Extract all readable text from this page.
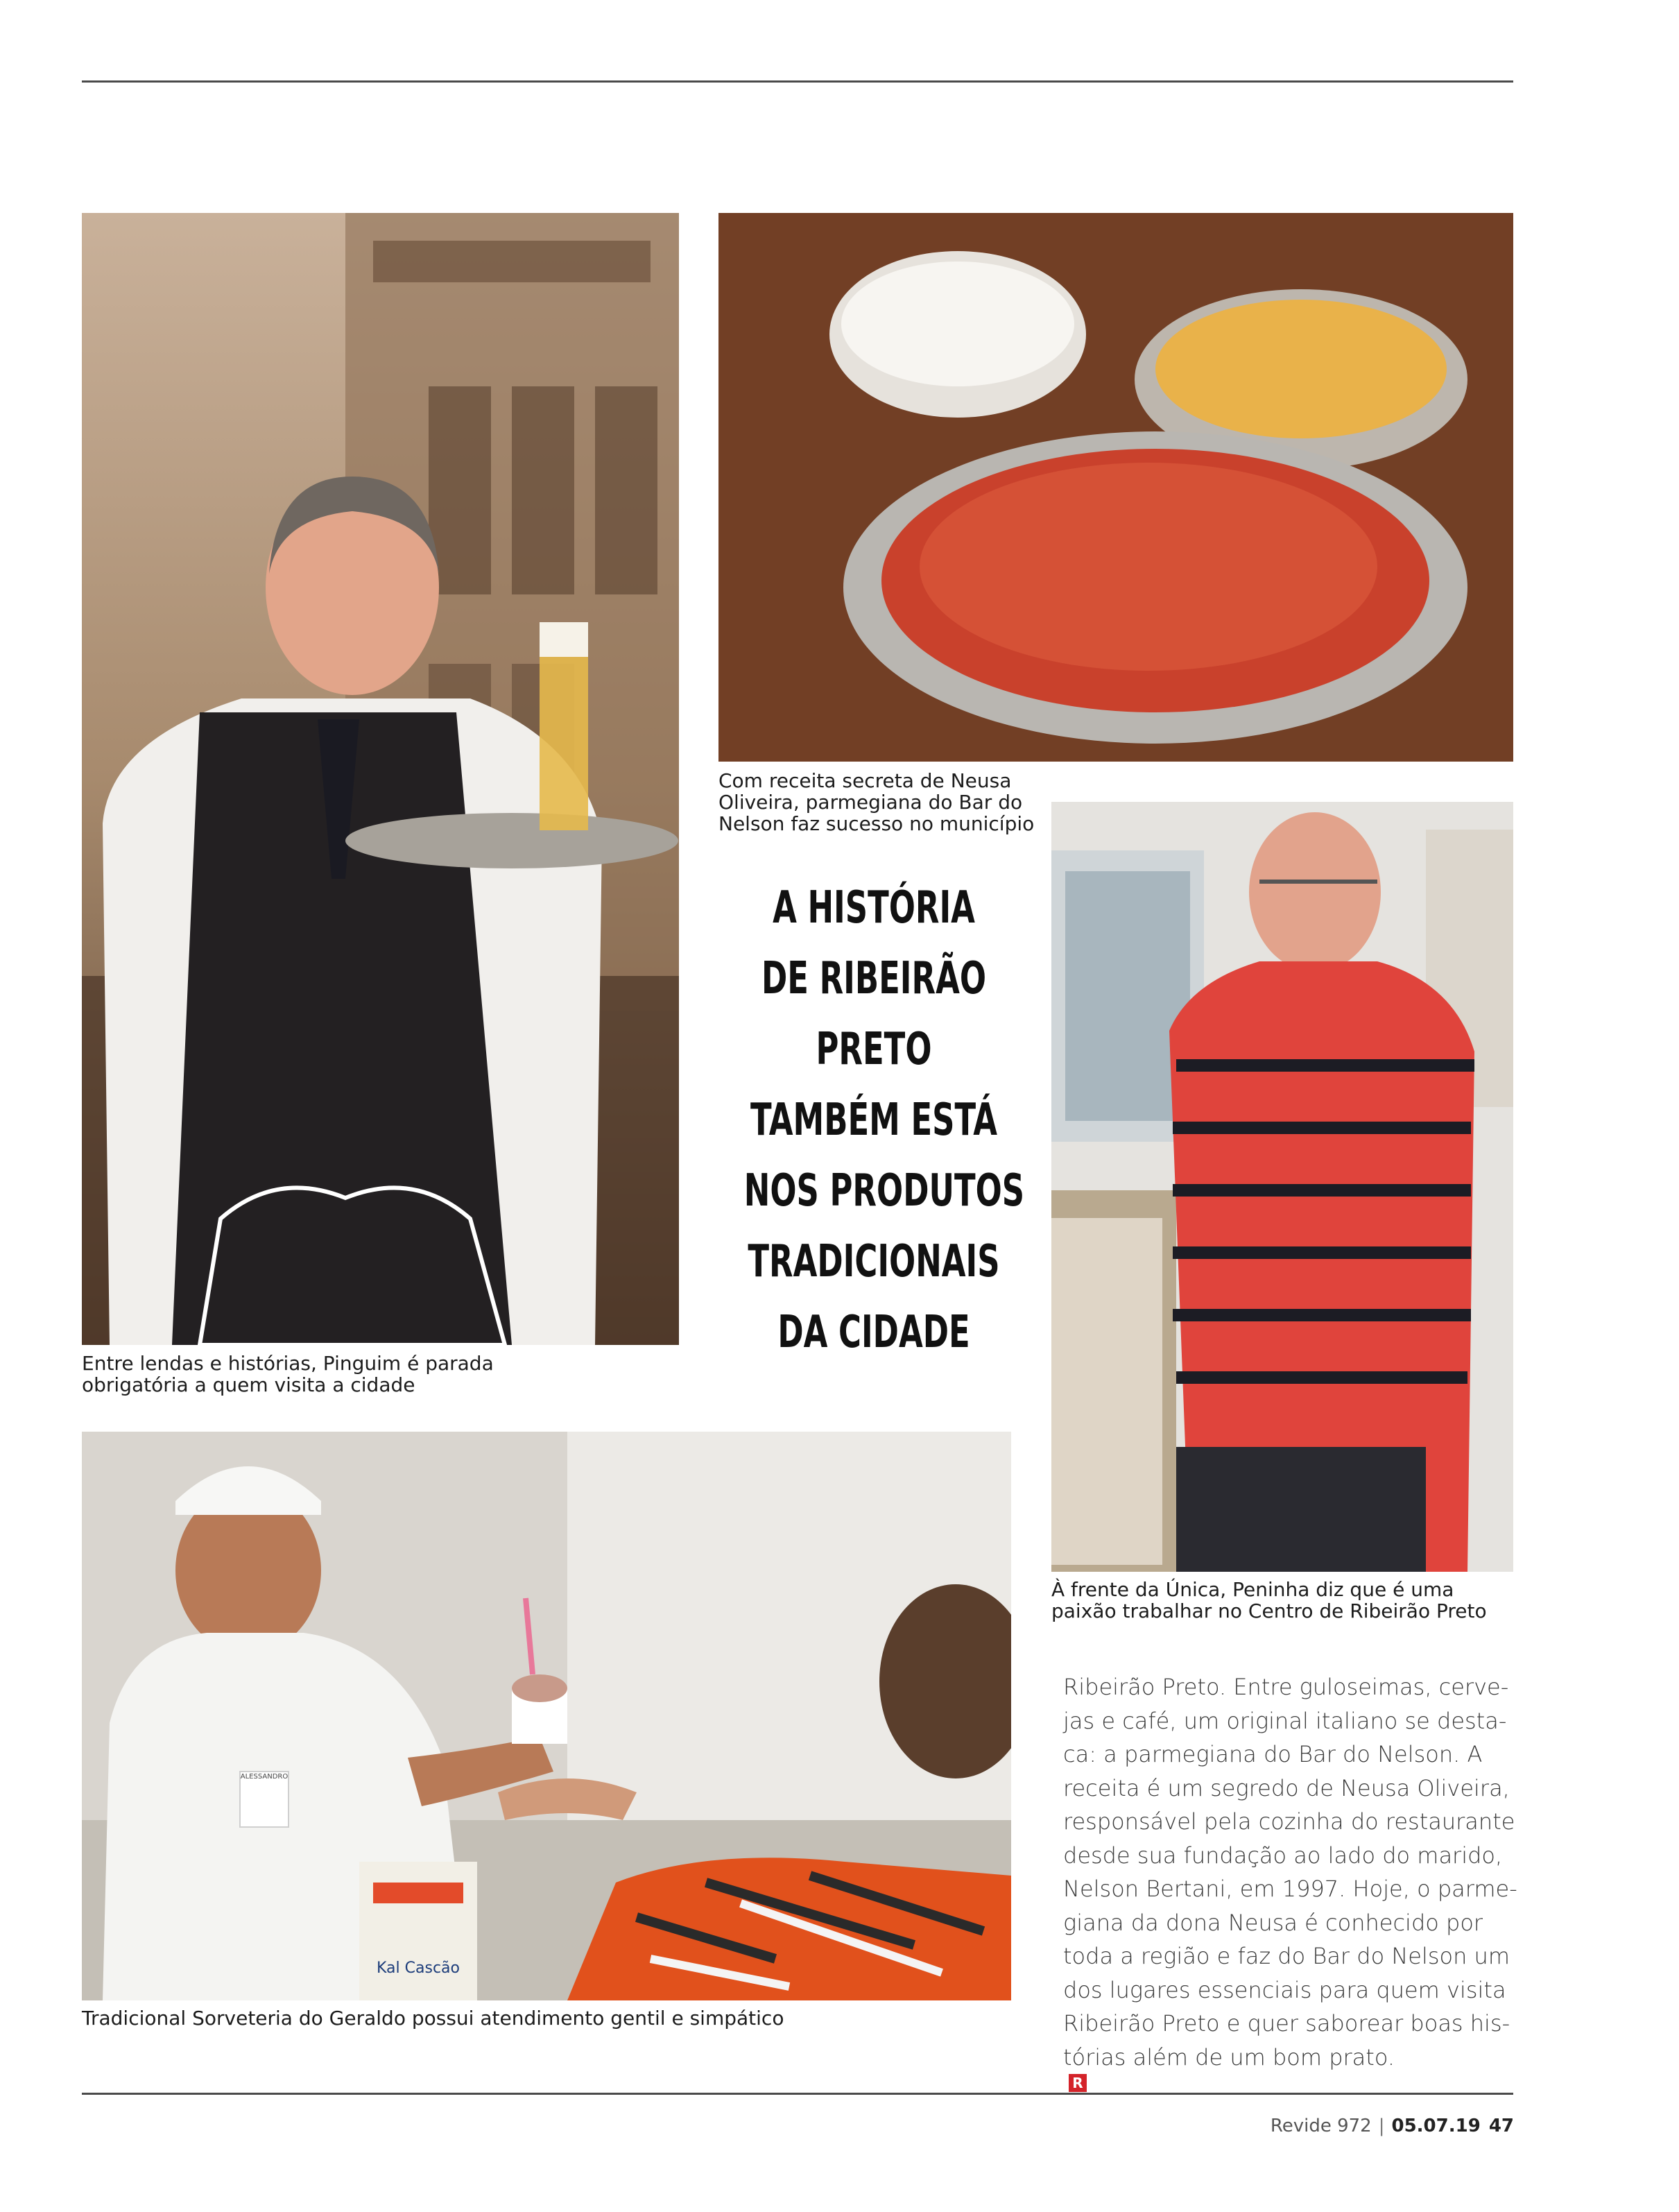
Com receita secreta de Neusa
Oliveira, parmegiana do Bar do
Nelson faz sucesso no município
A HISTÓRIA
DE RIBEIRÃO
PRETO
TAMBÉM ESTÁ
NOS PRODUTOS
TRADICIONAIS
DA CIDADE
Entre lendas e histórias, Pinguim é parada
obrigatória a quem visita a cidade
À frente da Única, Peninha diz que é uma
paixão trabalhar no Centro de Ribeirão Preto
ALESSANDRO
Kal Cascão
Tradicional Sorveteria do Geraldo possui atendimento gentil e simpático
Ribeirão Preto. Entre guloseimas, cerve-
jas e café, um original italiano se desta-
ca: a parmegiana do Bar do Nelson. A
receita é um segredo de Neusa Oliveira,
responsável pela cozinha do restaurante
desde sua fundação ao lado do marido,
Nelson Bertani, em 1997. Hoje, o parme-
giana da dona Neusa é conhecido por
toda a região e faz do Bar do Nelson um
dos lugares essenciais para quem visita
Ribeirão Preto e quer saborear boas his-
tórias além de um bom prato.
R
Revide 972 | 05.07.19 47
